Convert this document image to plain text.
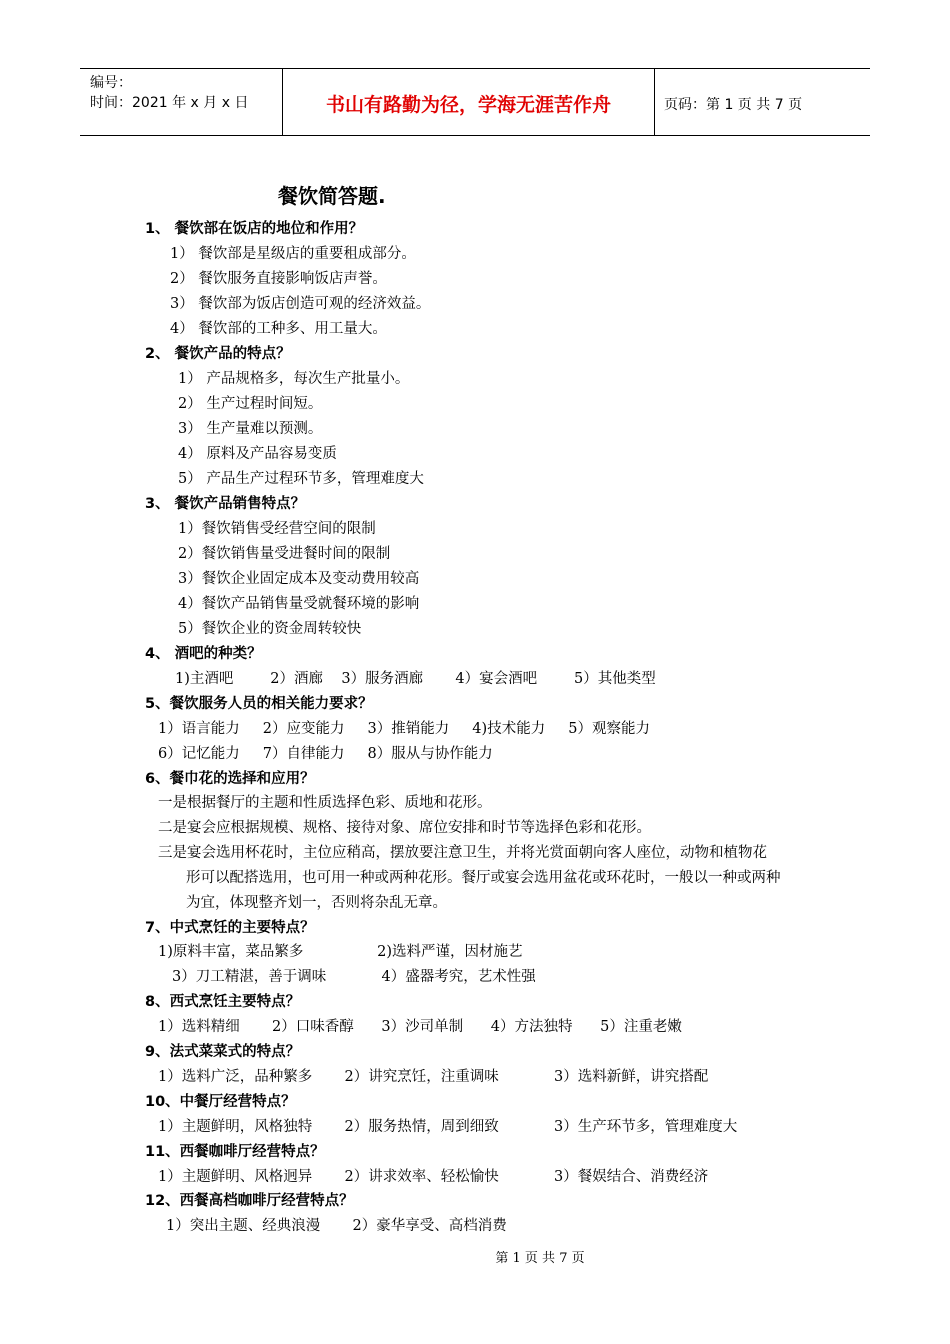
编号：
时间：2021 年 x 月 x 日	书山有路勤为径，学海无涯苦作舟	页码：第 1 页 共 7 页
餐饮简答题.
1、 餐饮部在饭店的地位和作用？
1） 餐饮部是星级店的重要租成部分。
2） 餐饮服务直接影响饭店声誉。
3） 餐饮部为饭店创造可观的经济效益。
4） 餐饮部的工种多、用工量大。
2、 餐饮产品的特点？
1） 产品规格多，每次生产批量小。
2） 生产过程时间短。
3） 生产量难以预测。
4） 原料及产品容易变质
5） 产品生产过程环节多，管理难度大
3、 餐饮产品销售特点？
1）餐饮销售受经营空间的限制
2）餐饮销售量受进餐时间的限制
3）餐饮企业固定成本及变动费用较高
4）餐饮产品销售量受就餐环境的影响
5）餐饮企业的资金周转较快
4、 酒吧的种类？
1)主酒吧        2）酒廊    3）服务酒廊       4）宴会酒吧        5）其他类型
5、餐饮服务人员的相关能力要求？
1）语言能力     2）应变能力     3）推销能力     4)技术能力     5）观察能力
6）记忆能力     7）自律能力     8）服从与协作能力
6、餐巾花的选择和应用？
一是根据餐厅的主题和性质选择色彩、质地和花形。
二是宴会应根据规模、规格、接待对象、席位安排和时节等选择色彩和花形。
三是宴会选用杯花时，主位应稍高，摆放要注意卫生，并将光赏面朝向客人座位，动物和植物花
形可以配搭选用，也可用一种或两种花形。餐厅或宴会选用盆花或环花时，一般以一种或两种
为宜，体现整齐划一，否则将杂乱无章。
7、中式烹饪的主要特点？
1)原料丰富，菜品繁多                2)选料严谨，因材施艺
3）刀工精湛，善于调味            4）盛器考究，艺术性强
8、西式烹饪主要特点？
1）选料精细       2）口味香醇      3）沙司单制      4）方法独特      5）注重老嫩
9、法式菜菜式的特点？
1）选料广泛，品种繁多       2）讲究烹饪，注重调味            3）选料新鲜，讲究搭配
10、中餐厅经营特点？
1）主题鲜明，风格独特       2）服务热情，周到细致            3）生产环节多，管理难度大
11、西餐咖啡厅经营特点？
1）主题鲜明、风格迥异       2）讲求效率、轻松愉快            3）餐娱结合、消费经济
12、西餐高档咖啡厅经营特点？
1）突出主题、经典浪漫       2）豪华享受、高档消费
第 1 页 共 7 页
